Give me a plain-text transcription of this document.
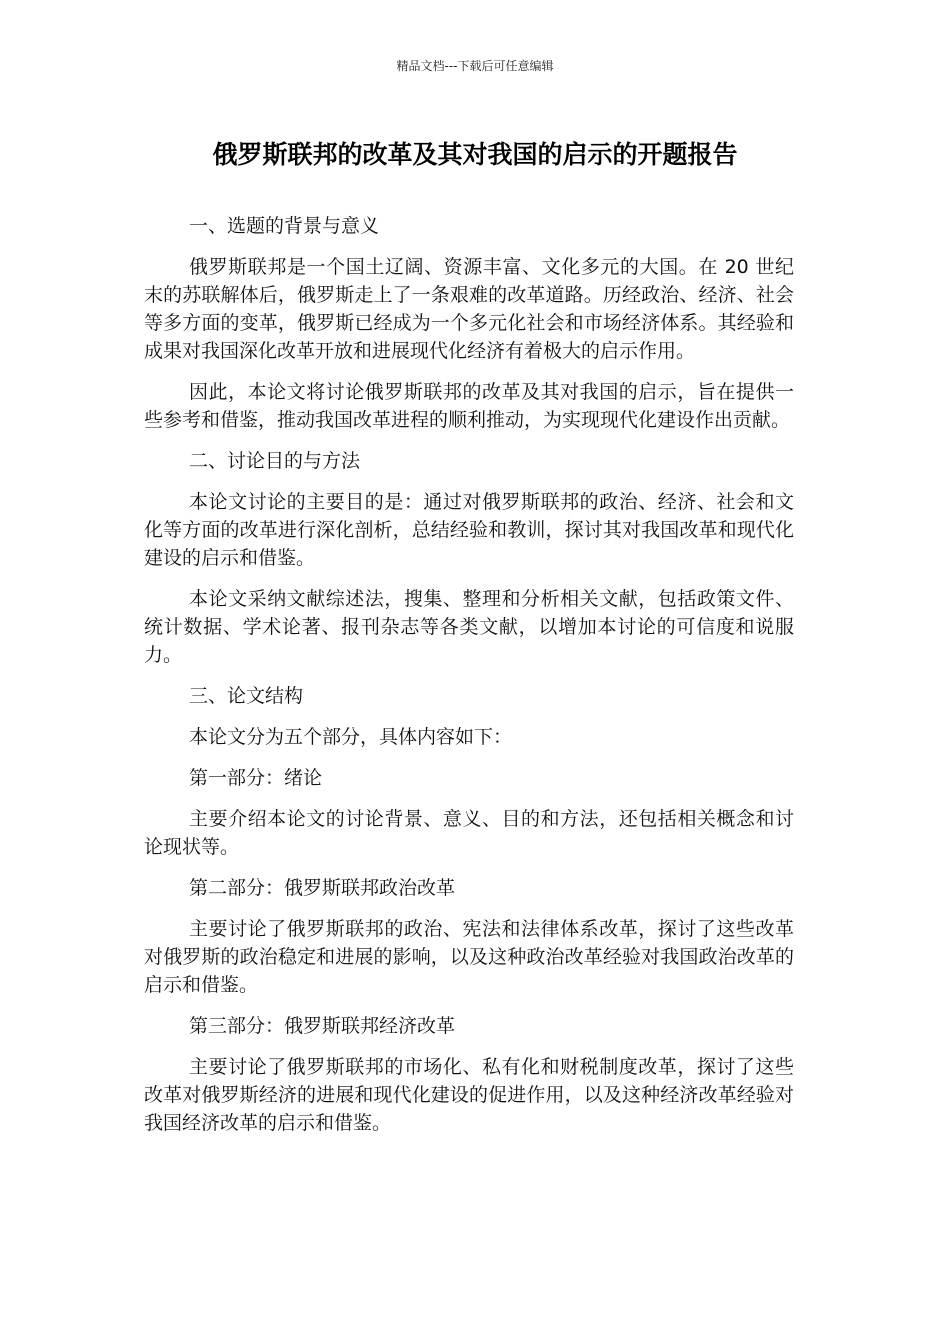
精品文档---下载后可任意编辑
俄罗斯联邦的改革及其对我国的启示的开题报告

一、选题的背景与意义

俄罗斯联邦是一个国土辽阔、资源丰富、文化多元的大国。在 20 世纪末的苏联解体后，俄罗斯走上了一条艰难的改革道路。历经政治、经济、社会等多方面的变革，俄罗斯已经成为一个多元化社会和市场经济体系。其经验和成果对我国深化改革开放和进展现代化经济有着极大的启示作用。

因此，本论文将讨论俄罗斯联邦的改革及其对我国的启示，旨在提供一些参考和借鉴，推动我国改革进程的顺利推动，为实现现代化建设作出贡献。

二、讨论目的与方法

本论文讨论的主要目的是：通过对俄罗斯联邦的政治、经济、社会和文化等方面的改革进行深化剖析，总结经验和教训，探讨其对我国改革和现代化建设的启示和借鉴。

本论文采纳文献综述法，搜集、整理和分析相关文献，包括政策文件、统计数据、学术论著、报刊杂志等各类文献，以增加本讨论的可信度和说服力。

三、论文结构

本论文分为五个部分，具体内容如下：

第一部分：绪论

主要介绍本论文的讨论背景、意义、目的和方法，还包括相关概念和讨论现状等。

第二部分：俄罗斯联邦政治改革

主要讨论了俄罗斯联邦的政治、宪法和法律体系改革，探讨了这些改革对俄罗斯的政治稳定和进展的影响，以及这种政治改革经验对我国政治改革的启示和借鉴。

第三部分：俄罗斯联邦经济改革

主要讨论了俄罗斯联邦的市场化、私有化和财税制度改革，探讨了这些改革对俄罗斯经济的进展和现代化建设的促进作用，以及这种经济改革经验对我国经济改革的启示和借鉴。
